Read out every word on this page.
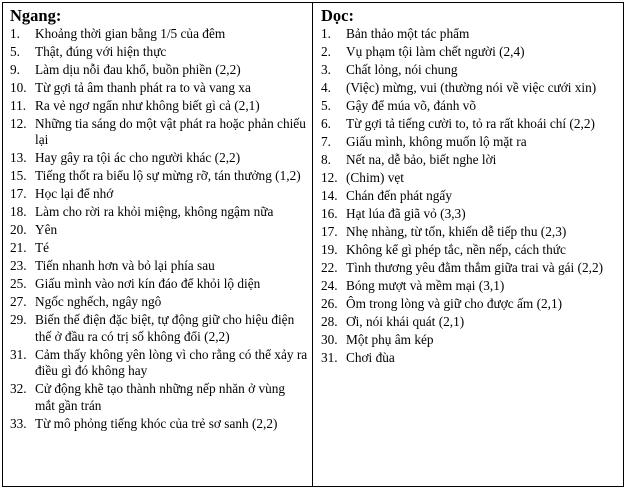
Ngang:
1.	Khoảng thời gian bằng 1/5 của đêm
5.	Thật, đúng với hiện thực
9.	Làm dịu nỗi đau khổ, buồn phiền (2,2)
10. Từ gợi tả âm thanh phát ra to và vang xa
11. Ra vẻ ngơ ngẩn như không biết gì cả (2,1)
12. Những tia sáng do một vật phát ra hoặc phản chiếu lại
13. Hay gây ra tội ác cho người khác (2,2)
15. Tiếng thốt ra biểu lộ sự mừng rỡ, tán thưởng (1,2)
17. Học lại để nhớ
18. Làm cho rời ra khỏi miệng, không ngậm nữa
20. Yên
21. Té
23. Tiến nhanh hơn và bỏ lại phía sau
25. Giấu mình vào nơi kín đáo để khỏi lộ diện
27. Ngốc nghếch, ngây ngô
29. Biến thế điện đặc biệt, tự động giữ cho hiệu điện thế ở đầu ra có trị số không đổi (2,2)
31. Cảm thấy không yên lòng vì cho rằng có thể xảy ra điều gì đó không hay
32. Cử động khẽ tạo thành những nếp nhăn ở vùng mắt gần trán
33. Từ mô phỏng tiếng khóc của trẻ sơ sanh (2,2)
Dọc:
1.	Bản thảo một tác phẩm
2.	Vụ phạm tội làm chết người (2,4)
3.	Chất lỏng, nói chung
4.	(Việc) mừng, vui (thường nói về việc cưới xin)
5.	Gậy để múa võ, đánh võ
6.	Từ gợi tả tiếng cười to, tỏ ra rất khoái chí (2,2)
7.	Giấu mình, không muốn lộ mặt ra
8.	Nết na, dễ bảo, biết nghe lời
12. (Chim) vẹt
14. Chán đến phát ngấy
16. Hạt lúa đã giã vỏ (3,3)
17. Nhẹ nhàng, từ tốn, khiến dễ tiếp thu (2,3)
19. Không kể gì phép tắc, nền nếp, cách thức
22. Tình thương yêu đằm thắm giữa trai và gái (2,2)
24. Bóng mượt và mềm mại (3,1)
26. Ôm trong lòng và giữ cho được ấm (2,1)
28. Ơi, nói khái quát (2,1)
30. Một phụ âm kép
31. Chơi đùa
